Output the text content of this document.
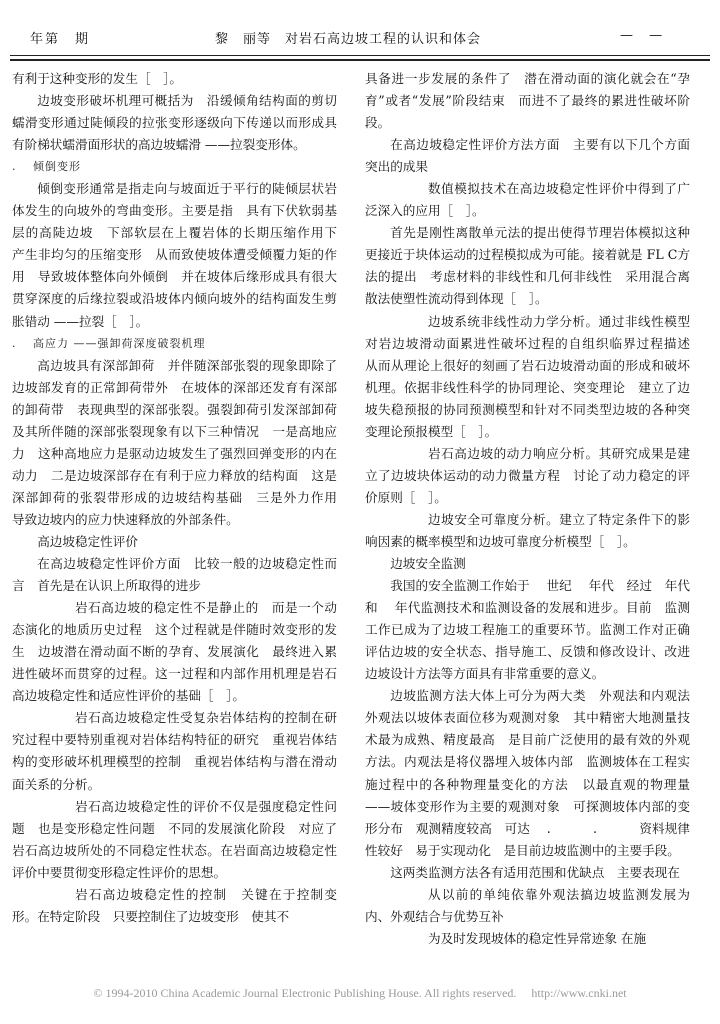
年第　期	黎　丽等　对岩石高边坡工程的认识和体会	— —

有利于这种变形的发生［　］。

边坡变形破坏机理可概括为　沿缓倾角结构面的剪切蠕滑变形通过陡倾段的拉张变形逐级向下传递以而形成具有阶梯状蠕滑面形状的高边坡蠕滑 ——拉裂变形体。

.　 倾倒变形

倾倒变形通常是指走向与坡面近于平行的陡倾层状岩体发生的向坡外的弯曲变形。主要是指　具有下伏软弱基层的高陡边坡　下部软层在上覆岩体的长期压缩作用下　产生非均匀的压缩变形　从而致使坡体遭受倾覆力矩的作用　导致坡体整体向外倾倒　并在坡体后缘形成具有很大贯穿深度的后缘拉裂或沿坡体内倾向坡外的结构面发生剪胀错动 ——拉裂［　］。

.　 高应力 ——强卸荷深度破裂机理

高边坡具有深部卸荷　并伴随深部张裂的现象即除了边坡部发育的正常卸荷带外　在坡体的深部还发育有深部的卸荷带　表现典型的深部张裂。强裂卸荷引发深部卸荷及其所伴随的深部张裂现象有以下三种情况　一是高地应力　这种高地应力是驱动边坡发生了强烈回弹变形的内在动力　二是边坡深部存在有利于应力释放的结构面　这是深部卸荷的张裂带形成的边坡结构基础　三是外力作用　导致边坡内的应力快速释放的外部条件。

高边坡稳定性评价

在高边坡稳定性评价方面　比较一般的边坡稳定性而言　首先是在认识上所取得的进步

岩石高边坡的稳定性不是静止的　而是一个动态演化的地质历史过程　这个过程就是伴随时效变形的发生　边坡潜在滑动面不断的孕育、发展演化　最终进入累进性破坏而贯穿的过程。这一过程和内部作用机理是岩石高边坡稳定性和适应性评价的基础［　］。

岩石高边坡稳定性受复杂岩体结构的控制在研究过程中要特别重视对岩体结构特征的研究　重视岩体结构的变形破坏机理模型的控制　重视岩体结构与潜在滑动面关系的分析。

岩石高边坡稳定性的评价不仅是强度稳定性问题　也是变形稳定性问题　不同的发展演化阶段　对应了岩石高边坡所处的不同稳定性状态。在岩面高边坡稳定性评价中要贯彻变形稳定性评价的思想。

岩石高边坡稳定性的控制　关键在于控制变形。在特定阶段　只要控制住了边坡变形　使其不

具备进一步发展的条件了　潜在滑动面的演化就会在“孕育”或者“发展”阶段结束　而进不了最终的累进性破坏阶段。

在高边坡稳定性评价方法方面　主要有以下几个方面突出的成果

数值模拟技术在高边坡稳定性评价中得到了广泛深入的应用［　］。

首先是刚性离散单元法的提出使得节理岩体模拟这种更接近于块体运动的过程模拟成为可能。接着就是 FL C方法的提出　考虑材料的非线性和几何非线性　采用混合离散法使塑性流动得到体现［　］。

边坡系统非线性动力学分析。通过非线性模型对岩边坡滑动面累进性破坏过程的自组织临界过程描述　从而从理论上很好的刻画了岩石边坡滑动面的形成和破坏机理。依据非线性科学的协同理论、突变理论　建立了边坡失稳预报的协同预测模型和针对不同类型边坡的各种突变理论预报模型［　］。

岩石高边坡的动力响应分析。其研究成果是建立了边坡块体运动的动力微量方程　讨论了动力稳定的评价原则［　］。

边坡安全可靠度分析。建立了特定条件下的影响因素的概率模型和边坡可靠度分析模型［　］。

边坡安全监测

我国的安全监测工作始于　 世纪　 年代　经过　年代和　 年代监测技术和监测设备的发展和进步。目前　监测工作已成为了边坡工程施工的重要环节。监测工作对正确评估边坡的安全状态、指导施工、反馈和修改设计、改进边坡设计方法等方面具有非常重要的意义。

边坡监测方法大体上可分为两大类　外观法和内观法　外观法以坡体表面位移为观测对象　其中精密大地测量技术最为成熟、精度最高　是目前广泛使用的最有效的外观方法。内观法是将仪器埋入坡体内部　监测坡体在工程实施过程中的各种物理量变化的方法　以最直观的物理量 ——坡体变形作为主要的观测对象　可探测坡体内部的变形分布　观测精度较高　可达　 .　　　 .　　　 资料规律性较好　易于实现动化　是目前边坡监测中的主要手段。

这两类监测方法各有适用范围和优缺点　主要表现在

从以前的单纯依靠外观法搞边坡监测发展为内、外观结合与优势互补

为及时发现坡体的稳定性异常迹象 在施

© 1994-2010 China Academic Journal Electronic Publishing House. All rights reserved.　 http://www.cnki.net
